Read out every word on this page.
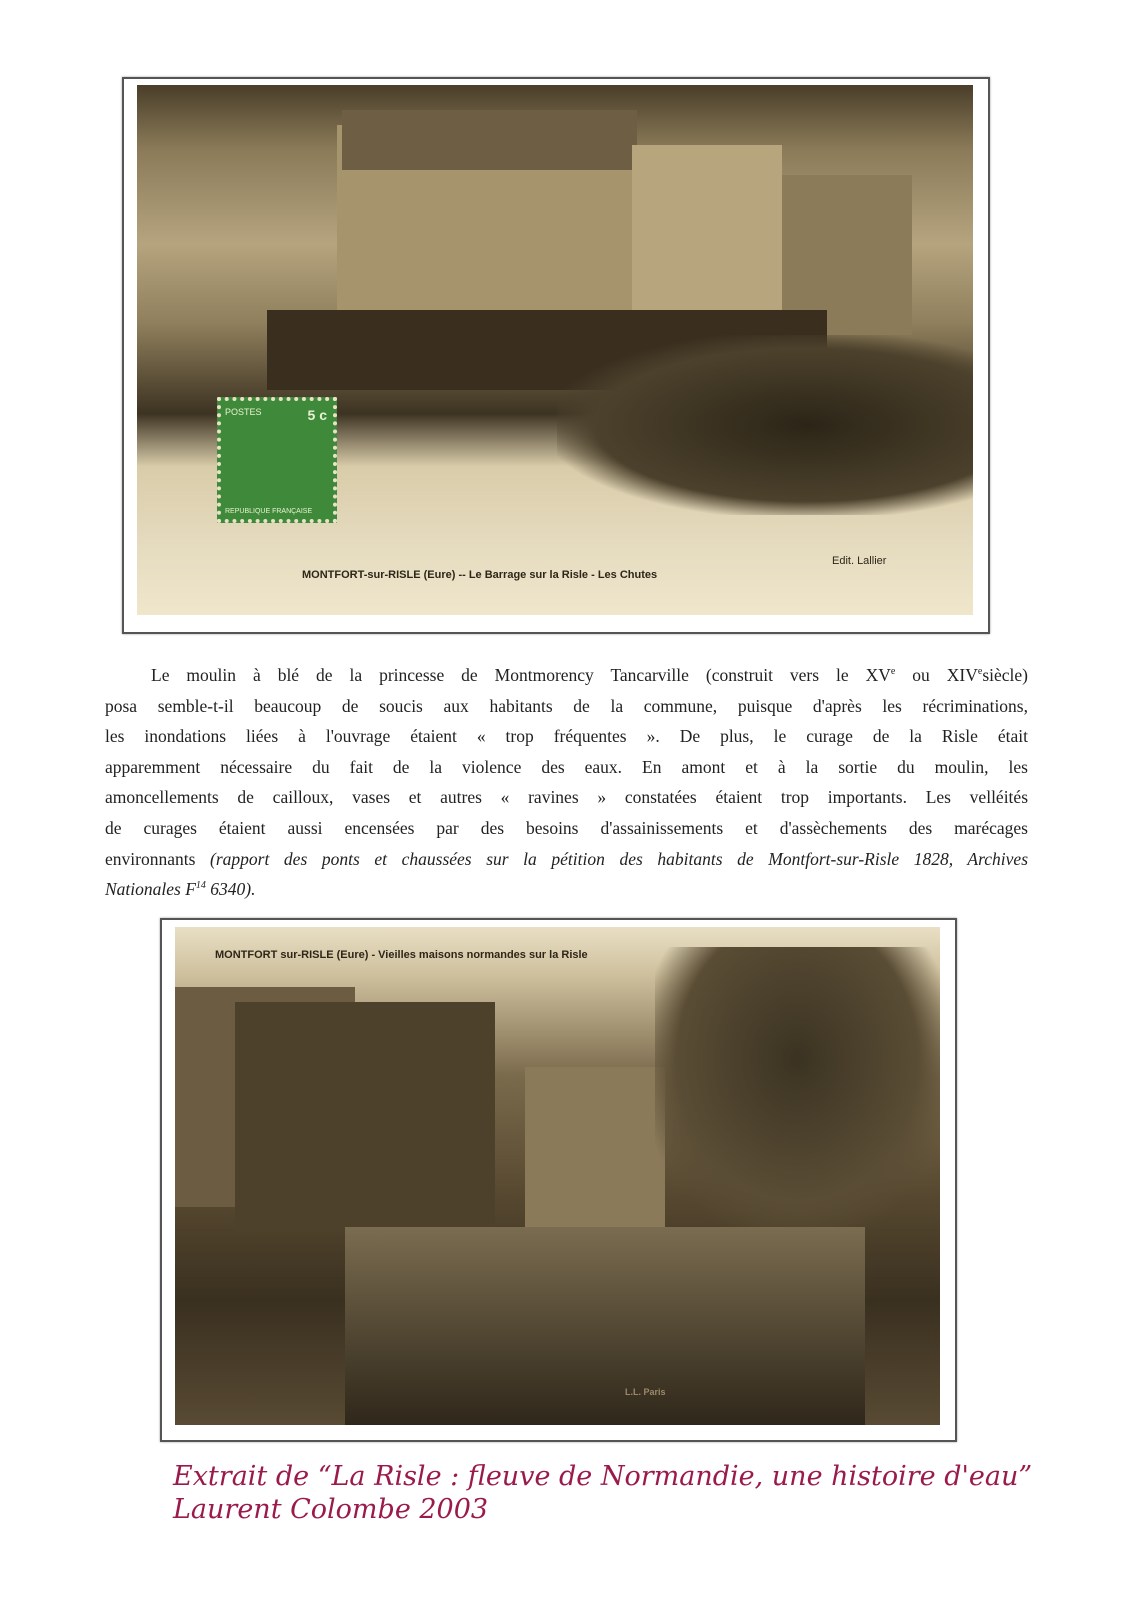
POSTES	5 c
REPUBLIQUE FRANÇAISE
MONTFORT-sur-RISLE (Eure) -- Le Barrage sur la Risle - Les Chutes
Edit. Lallier
Le moulin à blé de la princesse de Montmorency Tancarville (construit vers le XVe ou XIVesiècle)
posa semble-t-il beaucoup de soucis aux habitants de la commune, puisque d'après les récriminations,
les inondations liées à l'ouvrage étaient « trop fréquentes ». De plus, le curage de la Risle était
apparemment nécessaire du fait de la violence des eaux. En amont et à la sortie du moulin, les
amoncellements de cailloux, vases et autres « ravines » constatées étaient trop importants. Les velléités
de curages étaient aussi encensées par des besoins d'assainissements et d'assèchements des marécages
environnants (rapport des ponts et chaussées sur la pétition des habitants de Montfort-sur-Risle 1828, Archives
Nationales $F^{14}$ 6340).
MONTFORT sur-RISLE (Eure) - Vieilles maisons normandes sur la Risle
L.L. Paris
Extrait de “La Risle : fleuve de Normandie, une histoire d'eau”
Laurent Colombe 2003
